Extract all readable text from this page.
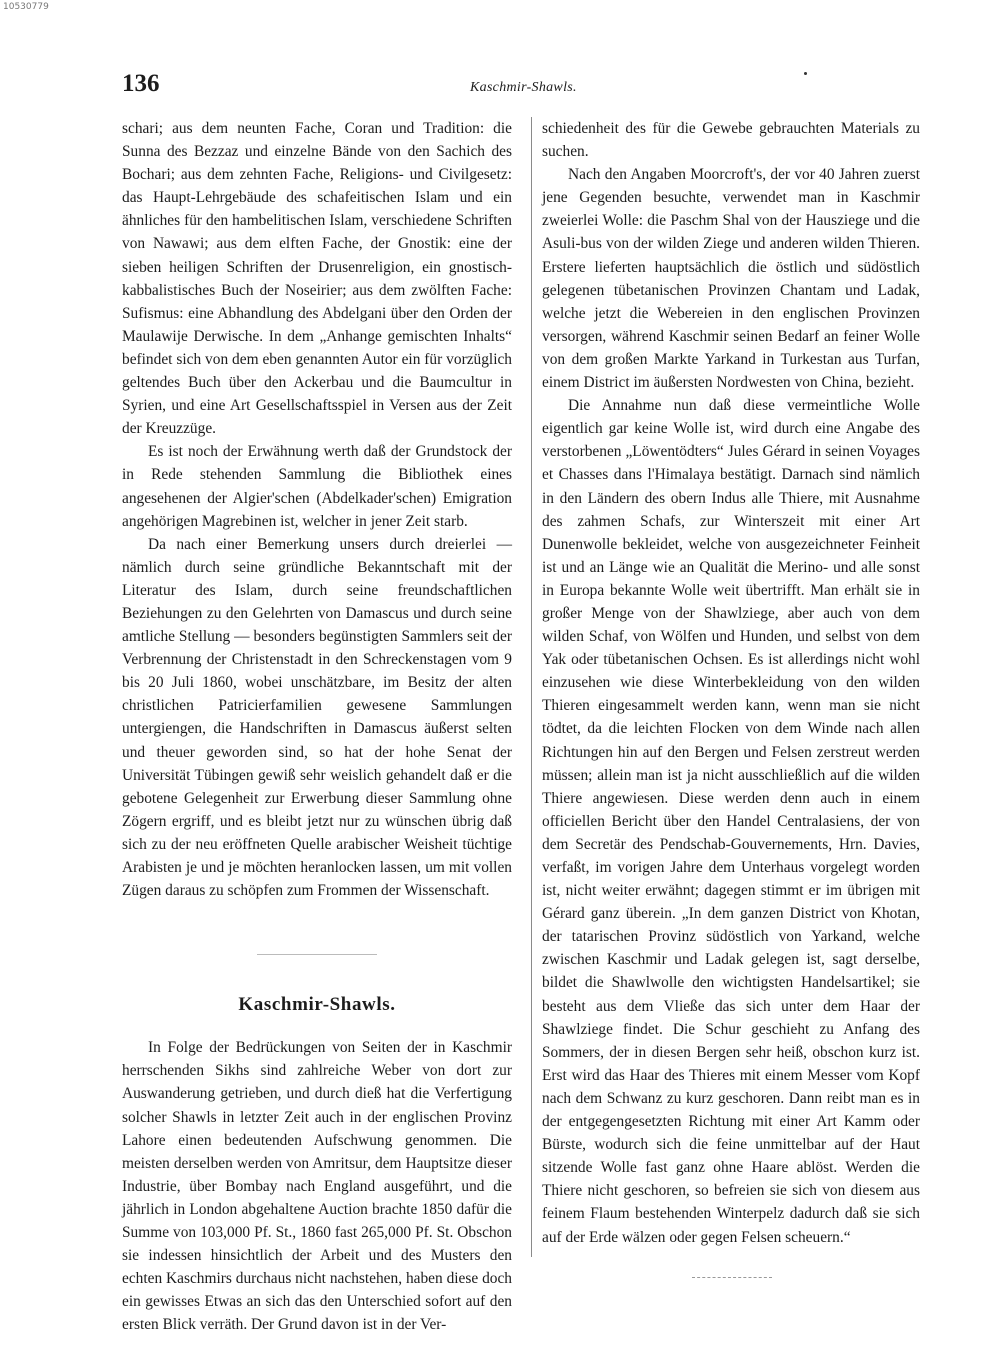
10530779
136	Kaschmir-Shawls.

schari; aus dem neunten Fache, Coran und Tradition: die Sunna des Bezzaz und einzelne Bände von den Sachich des Bochari; aus dem zehnten Fache, Religions- und Civilgesetz: das Haupt-Lehrgebäude des schafeitischen Islam und ein ähnliches für den hambelitischen Islam, verschiedene Schriften von Nawawi; aus dem elften Fache, der Gnostik: eine der sieben heiligen Schriften der Drusenreligion, ein gnostisch-kabbalistisches Buch der Noseirier; aus dem zwölften Fache: Sufismus: eine Abhandlung des Abdelgani über den Orden der Maulawije Derwische. In dem „Anhange gemischten Inhalts“ befindet sich von dem eben genannten Autor ein für vorzüglich geltendes Buch über den Ackerbau und die Baumcultur in Syrien, und eine Art Gesellschaftsspiel in Versen aus der Zeit der Kreuzzüge.

Es ist noch der Erwähnung werth daß der Grundstock der in Rede stehenden Sammlung die Bibliothek eines angesehenen der Algier'schen (Abdelkader'schen) Emigration angehörigen Magrebinen ist, welcher in jener Zeit starb.

Da nach einer Bemerkung unsers durch dreierlei — nämlich durch seine gründliche Bekanntschaft mit der Literatur des Islam, durch seine freundschaftlichen Beziehungen zu den Gelehrten von Damascus und durch seine amtliche Stellung — besonders begünstigten Sammlers seit der Verbrennung der Christenstadt in den Schreckenstagen vom 9 bis 20 Juli 1860, wobei unschätzbare, im Besitz der alten christlichen Patricierfamilien gewesene Sammlungen untergiengen, die Handschriften in Damascus äußerst selten und theuer geworden sind, so hat der hohe Senat der Universität Tübingen gewiß sehr weislich gehandelt daß er die gebotene Gelegenheit zur Erwerbung dieser Sammlung ohne Zögern ergriff, und es bleibt jetzt nur zu wünschen übrig daß sich zu der neu eröffneten Quelle arabischer Weisheit tüchtige Arabisten je und je möchten heranlocken lassen, um mit vollen Zügen daraus zu schöpfen zum Frommen der Wissenschaft.

Kaschmir-Shawls.

In Folge der Bedrückungen von Seiten der in Kaschmir herrschenden Sikhs sind zahlreiche Weber von dort zur Auswanderung getrieben, und durch dieß hat die Verfertigung solcher Shawls in letzter Zeit auch in der englischen Provinz Lahore einen bedeutenden Aufschwung genommen. Die meisten derselben werden von Amritsur, dem Hauptsitze dieser Industrie, über Bombay nach England ausgeführt, und die jährlich in London abgehaltene Auction brachte 1850 dafür die Summe von 103,000 Pf. St., 1860 fast 265,000 Pf. St. Obschon sie indessen hinsichtlich der Arbeit und des Musters den echten Kaschmirs durchaus nicht nachstehen, haben diese doch ein gewisses Etwas an sich das den Unterschied sofort auf den ersten Blick verräth. Der Grund davon ist in der Ver-

schiedenheit des für die Gewebe gebrauchten Materials zu suchen.

Nach den Angaben Moorcroft's, der vor 40 Jahren zuerst jene Gegenden besuchte, verwendet man in Kaschmir zweierlei Wolle: die Paschm Shal von der Hausziege und die Asuli-bus von der wilden Ziege und anderen wilden Thieren. Erstere lieferten hauptsächlich die östlich und südöstlich gelegenen tübetanischen Provinzen Chantam und Ladak, welche jetzt die Webereien in den englischen Provinzen versorgen, während Kaschmir seinen Bedarf an feiner Wolle von dem großen Markte Yarkand in Turkestan aus Turfan, einem District im äußersten Nordwesten von China, bezieht.

Die Annahme nun daß diese vermeintliche Wolle eigentlich gar keine Wolle ist, wird durch eine Angabe des verstorbenen „Löwentödters“ Jules Gérard in seinen Voyages et Chasses dans l'Himalaya bestätigt. Darnach sind nämlich in den Ländern des obern Indus alle Thiere, mit Ausnahme des zahmen Schafs, zur Winterszeit mit einer Art Dunenwolle bekleidet, welche von ausgezeichneter Feinheit ist und an Länge wie an Qualität die Merino- und alle sonst in Europa bekannte Wolle weit übertrifft. Man erhält sie in großer Menge von der Shawlziege, aber auch von dem wilden Schaf, von Wölfen und Hunden, und selbst von dem Yak oder tübetanischen Ochsen. Es ist allerdings nicht wohl einzusehen wie diese Winterbekleidung von den wilden Thieren eingesammelt werden kann, wenn man sie nicht tödtet, da die leichten Flocken von dem Winde nach allen Richtungen hin auf den Bergen und Felsen zerstreut werden müssen; allein man ist ja nicht ausschließlich auf die wilden Thiere angewiesen. Diese werden denn auch in einem officiellen Bericht über den Handel Centralasiens, der von dem Secretär des Pendschab-Gouvernements, Hrn. Davies, verfaßt, im vorigen Jahre dem Unterhaus vorgelegt worden ist, nicht weiter erwähnt; dagegen stimmt er im übrigen mit Gérard ganz überein. „In dem ganzen District von Khotan, der tatarischen Provinz südöstlich von Yarkand, welche zwischen Kaschmir und Ladak gelegen ist, sagt derselbe, bildet die Shawlwolle den wichtigsten Handelsartikel; sie besteht aus dem Vließe das sich unter dem Haar der Shawlziege findet. Die Schur geschieht zu Anfang des Sommers, der in diesen Bergen sehr heiß, obschon kurz ist. Erst wird das Haar des Thieres mit einem Messer vom Kopf nach dem Schwanz zu kurz geschoren. Dann reibt man es in der entgegengesetzten Richtung mit einer Art Kamm oder Bürste, wodurch sich die feine unmittelbar auf der Haut sitzende Wolle fast ganz ohne Haare ablöst. Werden die Thiere nicht geschoren, so befreien sie sich von diesem aus feinem Flaum bestehenden Winterpelz dadurch daß sie sich auf der Erde wälzen oder gegen Felsen scheuern.“
